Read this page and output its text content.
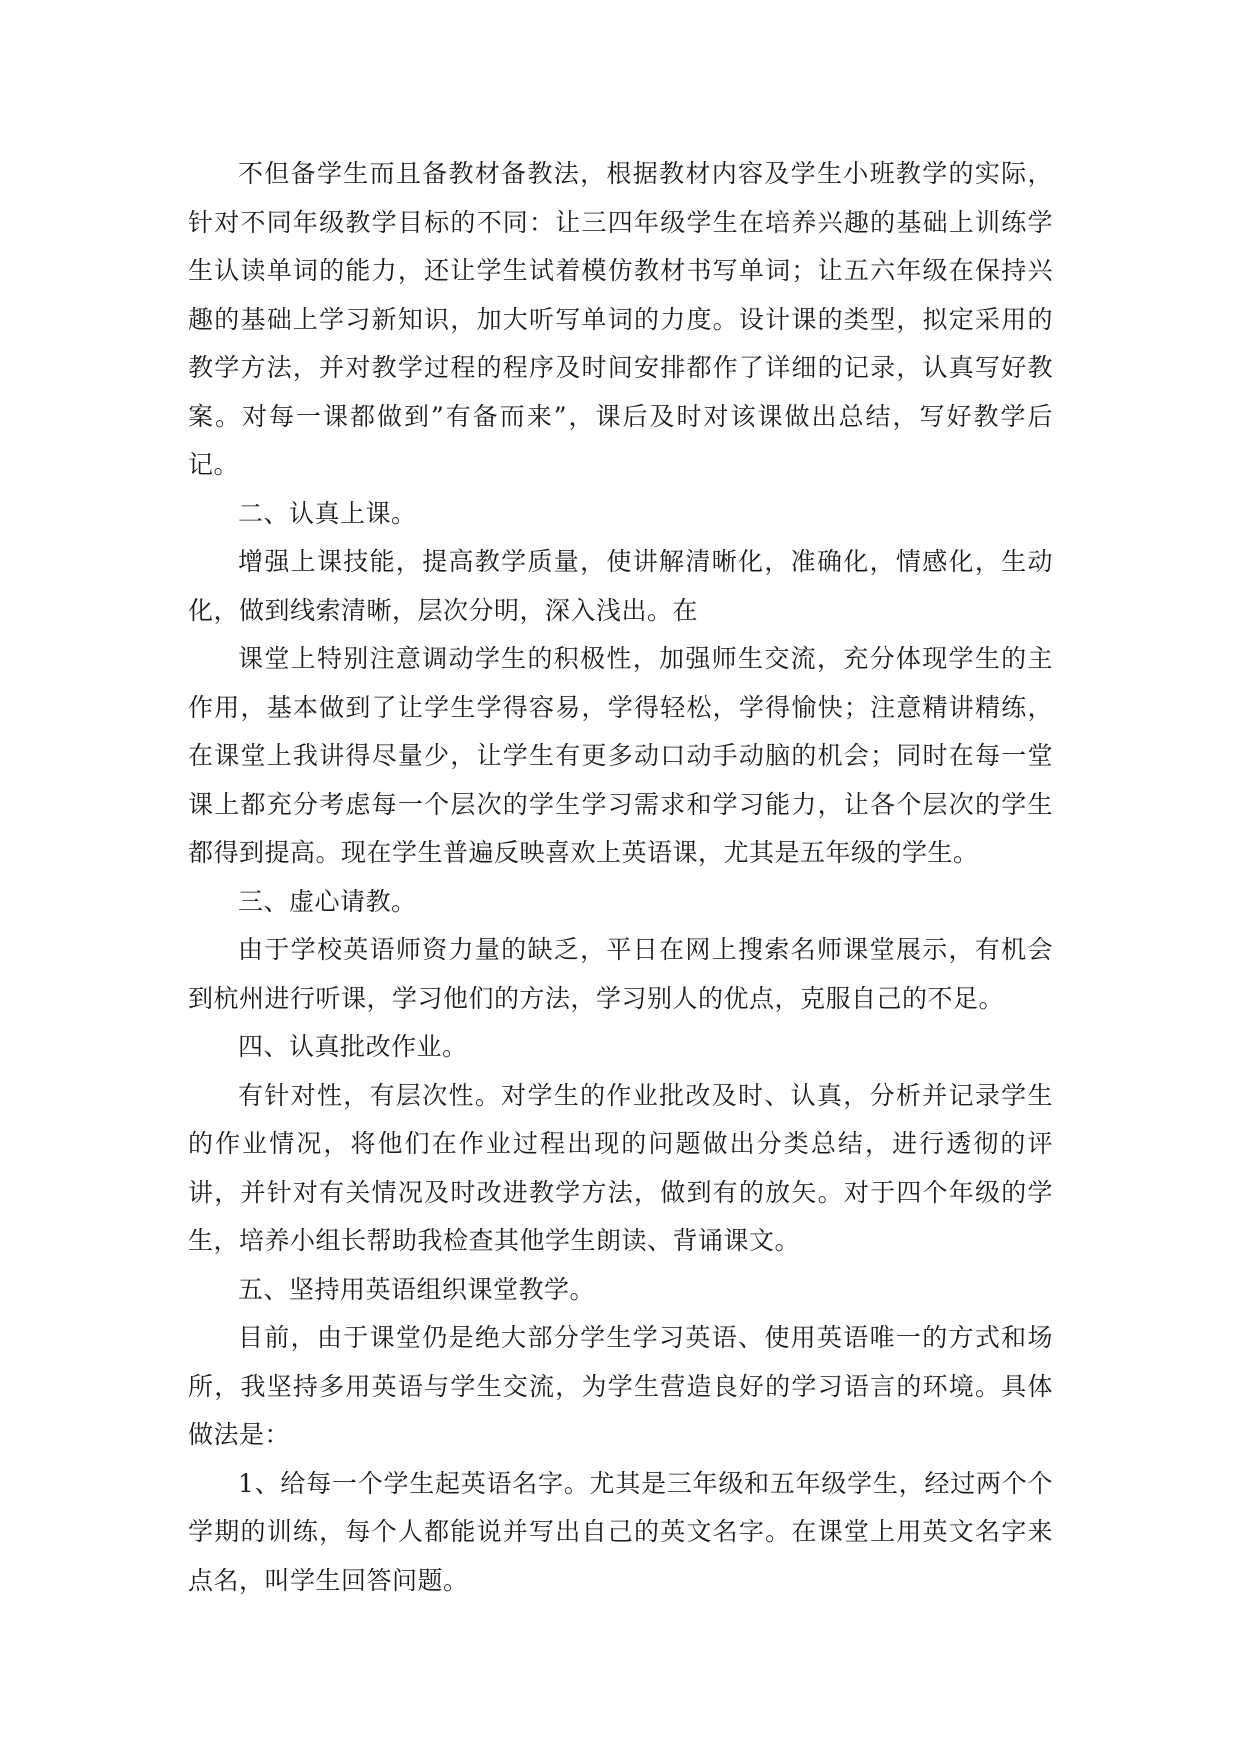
不但备学生而且备教材备教法，根据教材内容及学生小班教学的实际，针对不同年级教学目标的不同：让三四年级学生在培养兴趣的基础上训练学生认读单词的能力，还让学生试着模仿教材书写单词；让五六年级在保持兴趣的基础上学习新知识，加大听写单词的力度。设计课的类型，拟定采用的教学方法，并对教学过程的程序及时间安排都作了详细的记录，认真写好教案。对每一课都做到”有备而来”，课后及时对该课做出总结，写好教学后记。

二、认真上课。

增强上课技能，提高教学质量，使讲解清晰化，准确化，情感化，生动化，做到线索清晰，层次分明，深入浅出。在

课堂上特别注意调动学生的积极性，加强师生交流，充分体现学生的主作用，基本做到了让学生学得容易，学得轻松，学得愉快；注意精讲精练，在课堂上我讲得尽量少，让学生有更多动口动手动脑的机会；同时在每一堂课上都充分考虑每一个层次的学生学习需求和学习能力，让各个层次的学生都得到提高。现在学生普遍反映喜欢上英语课，尤其是五年级的学生。

三、虚心请教。

由于学校英语师资力量的缺乏，平日在网上搜索名师课堂展示，有机会到杭州进行听课，学习他们的方法，学习别人的优点，克服自己的不足。

四、认真批改作业。

有针对性，有层次性。对学生的作业批改及时、认真，分析并记录学生的作业情况，将他们在作业过程出现的问题做出分类总结，进行透彻的评讲，并针对有关情况及时改进教学方法，做到有的放矢。对于四个年级的学生，培养小组长帮助我检查其他学生朗读、背诵课文。

五、坚持用英语组织课堂教学。

目前，由于课堂仍是绝大部分学生学习英语、使用英语唯一的方式和场所，我坚持多用英语与学生交流，为学生营造良好的学习语言的环境。具体做法是：

1、给每一个学生起英语名字。尤其是三年级和五年级学生，经过两个个学期的训练，每个人都能说并写出自己的英文名字。在课堂上用英文名字来点名，叫学生回答问题。
